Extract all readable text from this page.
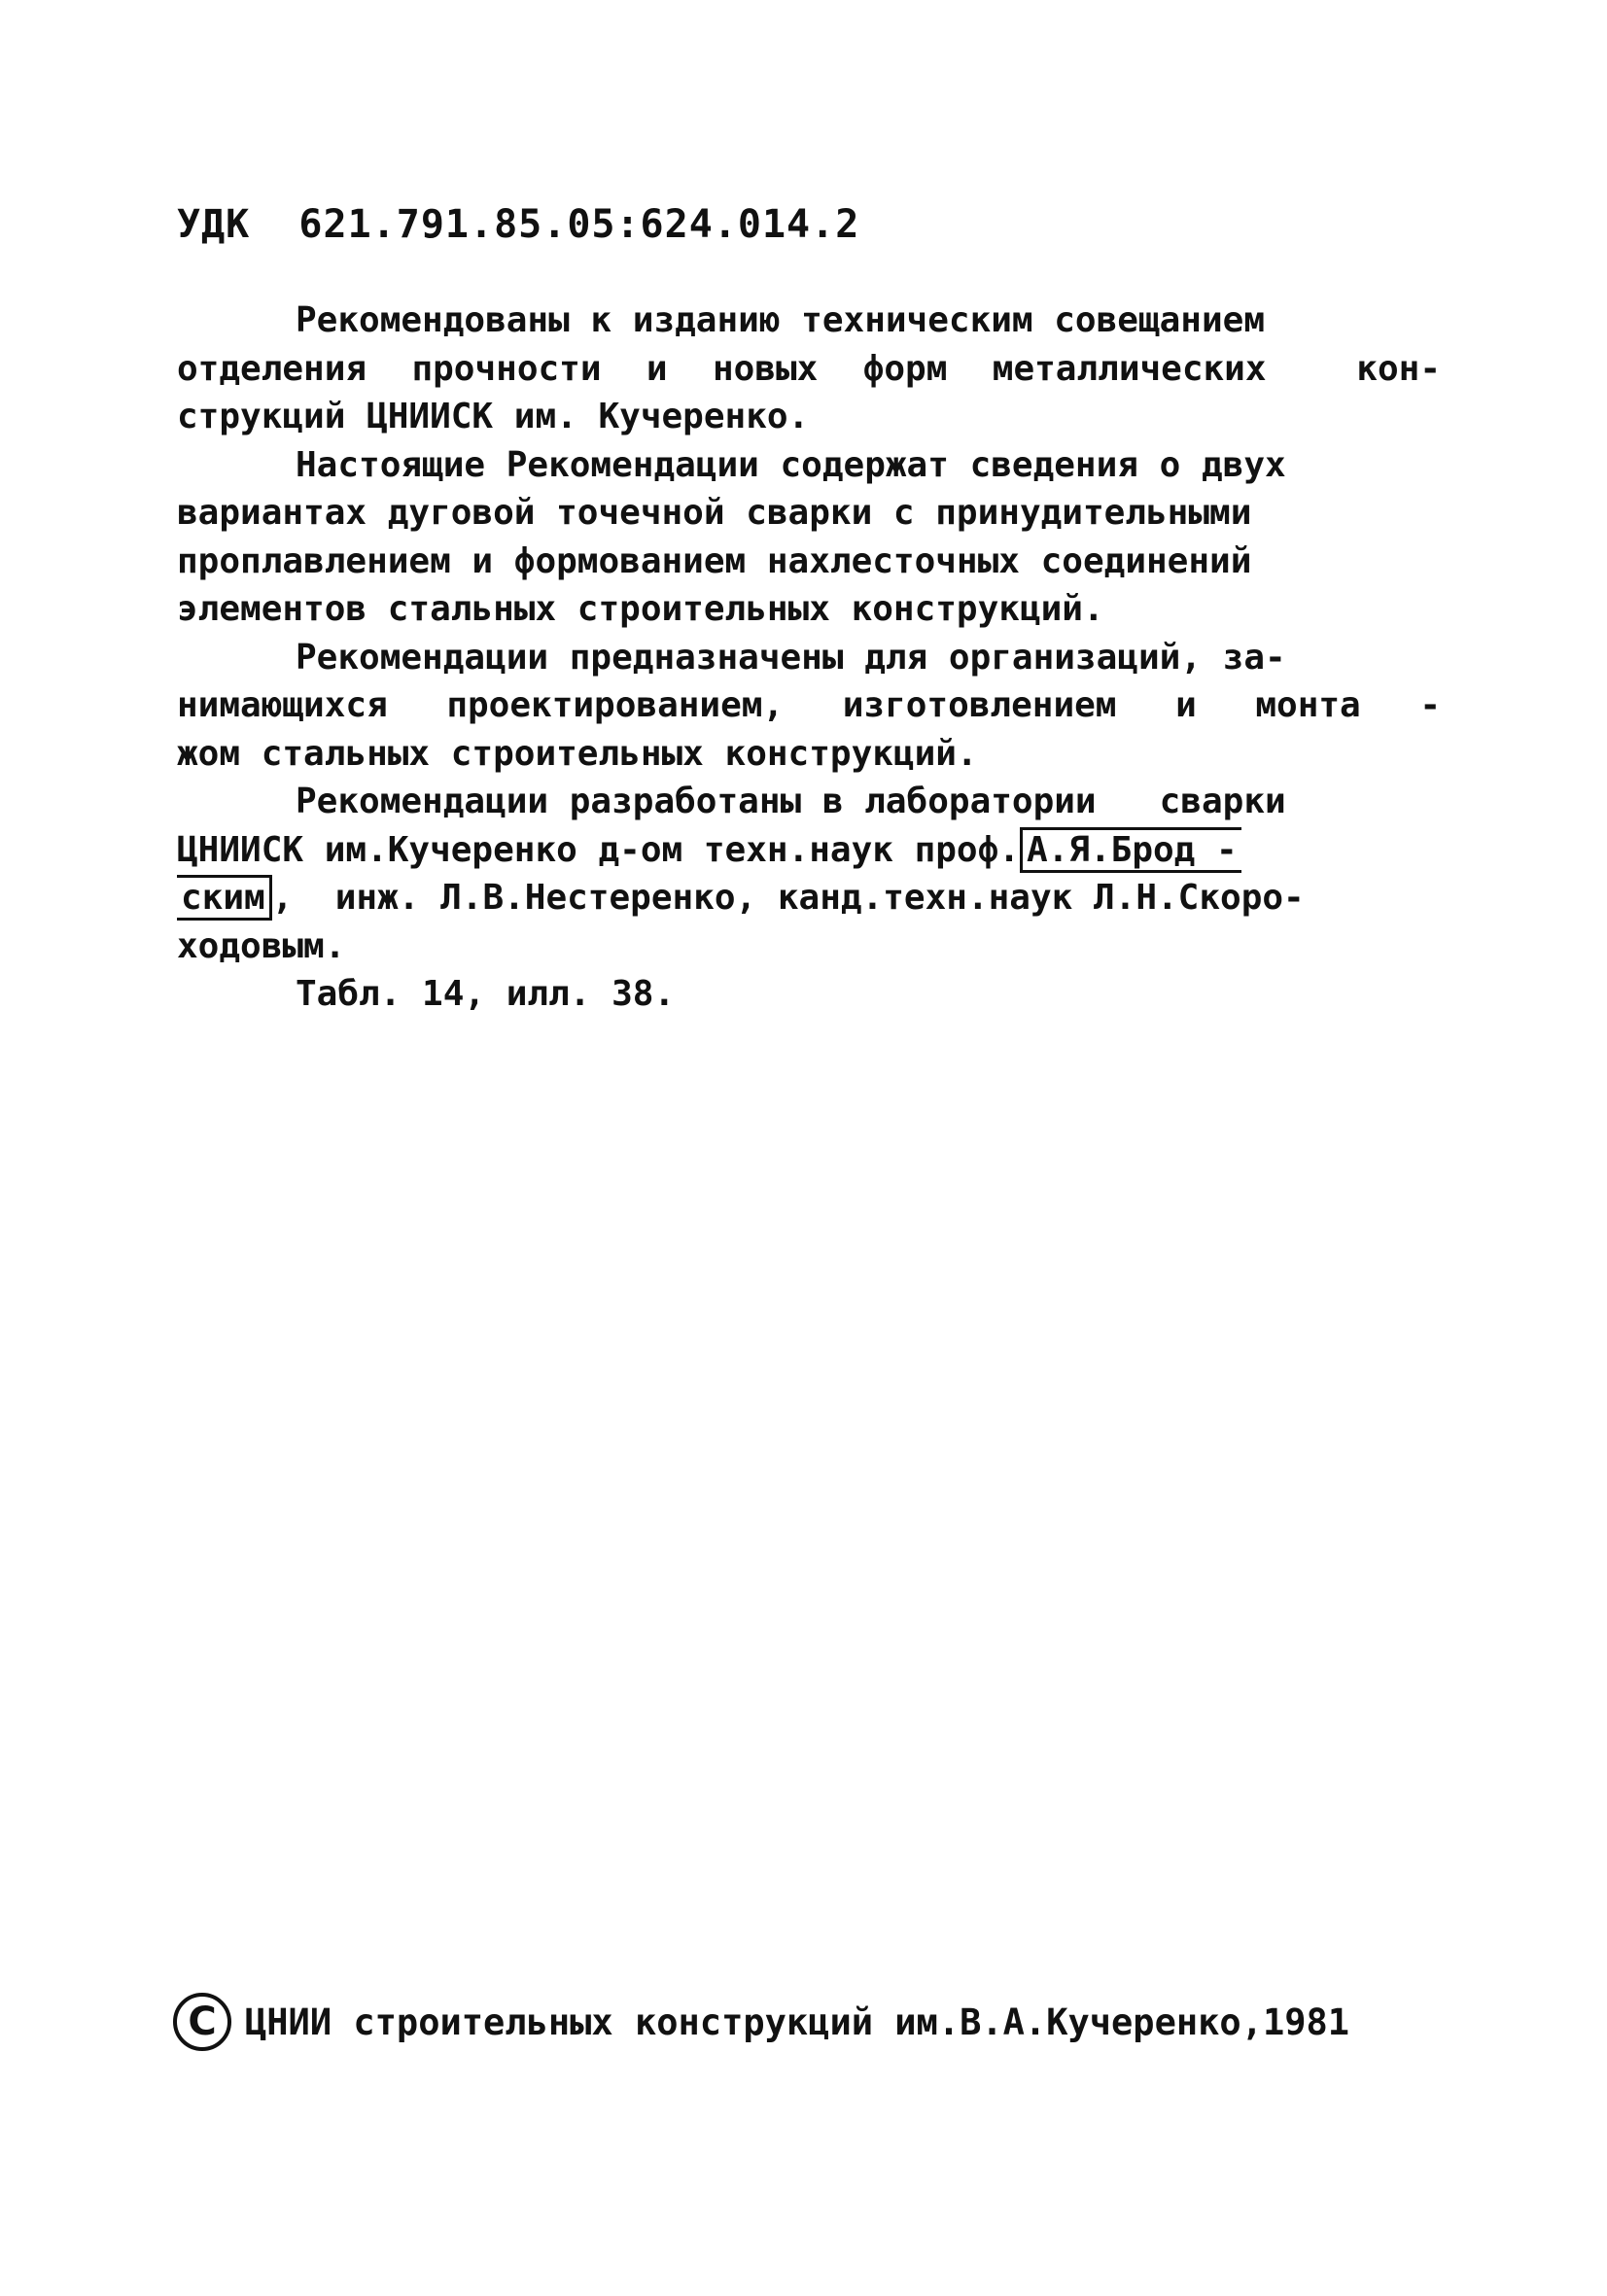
УДК  621.791.85.05:624.014.2
Рекомендованы к изданию техническим совещанием
отделения прочности и новых форм металлических  кон-
струкций ЦНИИСК им. Кучеренко.
Настоящие Рекомендации содержат сведения о двух
вариантах дуговой точечной сварки с принудительными
проплавлением и формованием нахлесточных соединений
элементов стальных строительных конструкций.
Рекомендации предназначены для организаций, за-
нимающихся проектированием, изготовлением и монта -
жом стальных строительных конструкций.
Рекомендации разработаны в лаборатории   сварки
ЦНИИСК им.Кучеренко д-ом техн.наук проф. А.Я.Брод -
ским ,  инж. Л.В.Нестеренко, канд.техн.наук Л.Н.Скоро-
ходовым.
Табл. 14, илл. 38.
C ЦНИИ строительных конструкций им.В.А.Кучеренко,1981
